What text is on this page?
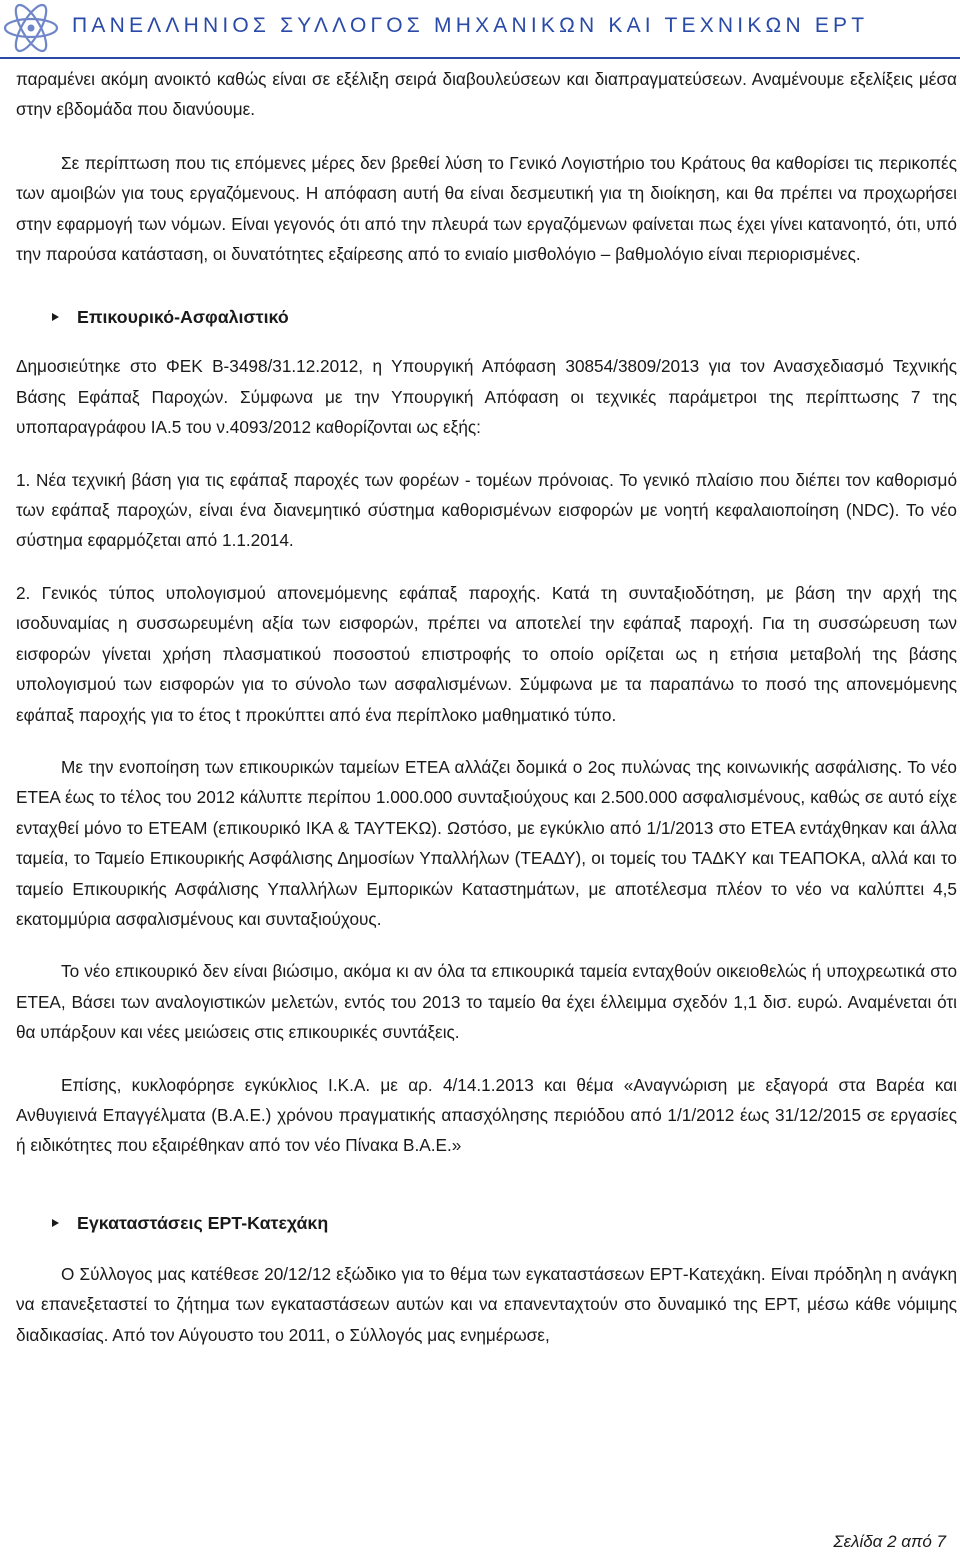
ΠΑΝΕΛΛΗΝΙΟΣ ΣΥΛΛΟΓΟΣ ΜΗΧΑΝΙΚΩΝ ΚΑΙ ΤΕΧΝΙΚΩΝ ΕΡΤ

παραμένει ακόμη ανοικτό καθώς είναι σε εξέλιξη σειρά διαβουλεύσεων και διαπραγματεύσεων. Αναμένουμε εξελίξεις μέσα στην εβδομάδα που διανύουμε.

Σε περίπτωση που τις επόμενες μέρες δεν βρεθεί λύση το Γενικό Λογιστήριο του Κράτους θα καθορίσει τις περικοπές των αμοιβών για τους εργαζόμενους. Η απόφαση αυτή θα είναι δεσμευτική για τη διοίκηση, και θα πρέπει να προχωρήσει στην εφαρμογή των νόμων. Είναι γεγονός ότι από την πλευρά των εργαζόμενων φαίνεται πως έχει γίνει κατανοητό, ότι, υπό την παρούσα κατάσταση, οι δυνατότητες εξαίρεσης από το ενιαίο μισθολόγιο – βαθμολόγιο είναι περιορισμένες.

Επικουρικό-Ασφαλιστικό

Δημοσιεύτηκε στο ΦΕΚ Β-3498/31.12.2012, η Υπουργική Απόφαση 30854/3809/2013 για τον Ανασχεδιασμό Τεχνικής Βάσης Εφάπαξ Παροχών. Σύμφωνα με την Υπουργική Απόφαση οι τεχνικές παράμετροι της περίπτωσης 7 της υποπαραγράφου ΙΑ.5 του ν.4093/2012 καθορίζονται ως εξής:

1. Νέα τεχνική βάση για τις εφάπαξ παροχές των φορέων - τομέων πρόνοιας. Το γενικό πλαίσιο που διέπει τον καθορισμό των εφάπαξ παροχών, είναι ένα διανεμητικό σύστημα καθορισμένων εισφορών με νοητή κεφαλαιοποίηση (NDC). Το νέο σύστημα εφαρμόζεται από 1.1.2014.

2. Γενικός τύπος υπολογισμού απονεμόμενης εφάπαξ παροχής. Κατά τη συνταξιοδότηση, με βάση την αρχή της ισοδυναμίας η συσσωρευμένη αξία των εισφορών, πρέπει να αποτελεί την εφάπαξ παροχή. Για τη συσσώρευση των εισφορών γίνεται χρήση πλασματικού ποσοστού επιστροφής το οποίο ορίζεται ως η ετήσια μεταβολή της βάσης υπολογισμού των εισφορών για το σύνολο των ασφαλισμένων. Σύμφωνα με τα παραπάνω το ποσό της απονεμόμενης εφάπαξ παροχής για το έτος t προκύπτει από ένα περίπλοκο μαθηματικό τύπο.

Με την ενοποίηση των επικουρικών ταμείων ΕΤΕΑ αλλάζει δομικά ο 2ος πυλώνας της κοινωνικής ασφάλισης. Το νέο ΕΤΕΑ έως το τέλος του 2012 κάλυπτε περίπου 1.000.000 συνταξιούχους και 2.500.000 ασφαλισμένους, καθώς σε αυτό είχε ενταχθεί μόνο το ΕΤΕΑΜ (επικουρικό ΙΚΑ & ΤΑΥΤΕΚΩ). Ωστόσο, με εγκύκλιο από 1/1/2013 στο ΕΤΕΑ εντάχθηκαν και άλλα ταμεία, το Ταμείο Επικουρικής Ασφάλισης Δημοσίων Υπαλλήλων (ΤΕΑΔΥ), οι τομείς του ΤΑΔΚΥ και ΤΕΑΠΟΚΑ, αλλά και το ταμείο Επικουρικής Ασφάλισης Υπαλλήλων Εμπορικών Καταστημάτων, με αποτέλεσμα πλέον το νέο να καλύπτει 4,5 εκατομμύρια ασφαλισμένους και συνταξιούχους.

Το νέο επικουρικό δεν είναι βιώσιμο, ακόμα κι αν όλα τα επικουρικά ταμεία ενταχθούν οικειοθελώς ή υποχρεωτικά στο ΕΤΕΑ, Βάσει των αναλογιστικών μελετών, εντός του 2013 το ταμείο θα έχει έλλειμμα σχεδόν 1,1 δισ. ευρώ. Αναμένεται ότι θα υπάρξουν και νέες μειώσεις στις επικουρικές συντάξεις.

Επίσης, κυκλοφόρησε εγκύκλιος Ι.Κ.Α. με αρ. 4/14.1.2013 και θέμα «Αναγνώριση με εξαγορά στα Βαρέα και Ανθυγιεινά Επαγγέλματα (Β.Α.Ε.) χρόνου πραγματικής απασχόλησης περιόδου από 1/1/2012 έως 31/12/2015 σε εργασίες ή ειδικότητες που εξαιρέθηκαν από τον νέο Πίνακα Β.Α.Ε.»

Εγκαταστάσεις ΕΡΤ-Κατεχάκη

Ο Σύλλογος μας κατέθεσε 20/12/12 εξώδικο για το θέμα των εγκαταστάσεων ΕΡΤ-Κατεχάκη. Είναι πρόδηλη η ανάγκη να επανεξεταστεί το ζήτημα των εγκαταστάσεων αυτών και να επανενταχτούν στο δυναμικό της ΕΡΤ, μέσω κάθε νόμιμης διαδικασίας. Από τον Αύγουστο του 2011, ο Σύλλογός μας ενημέρωσε,

Σελίδα 2 από 7
